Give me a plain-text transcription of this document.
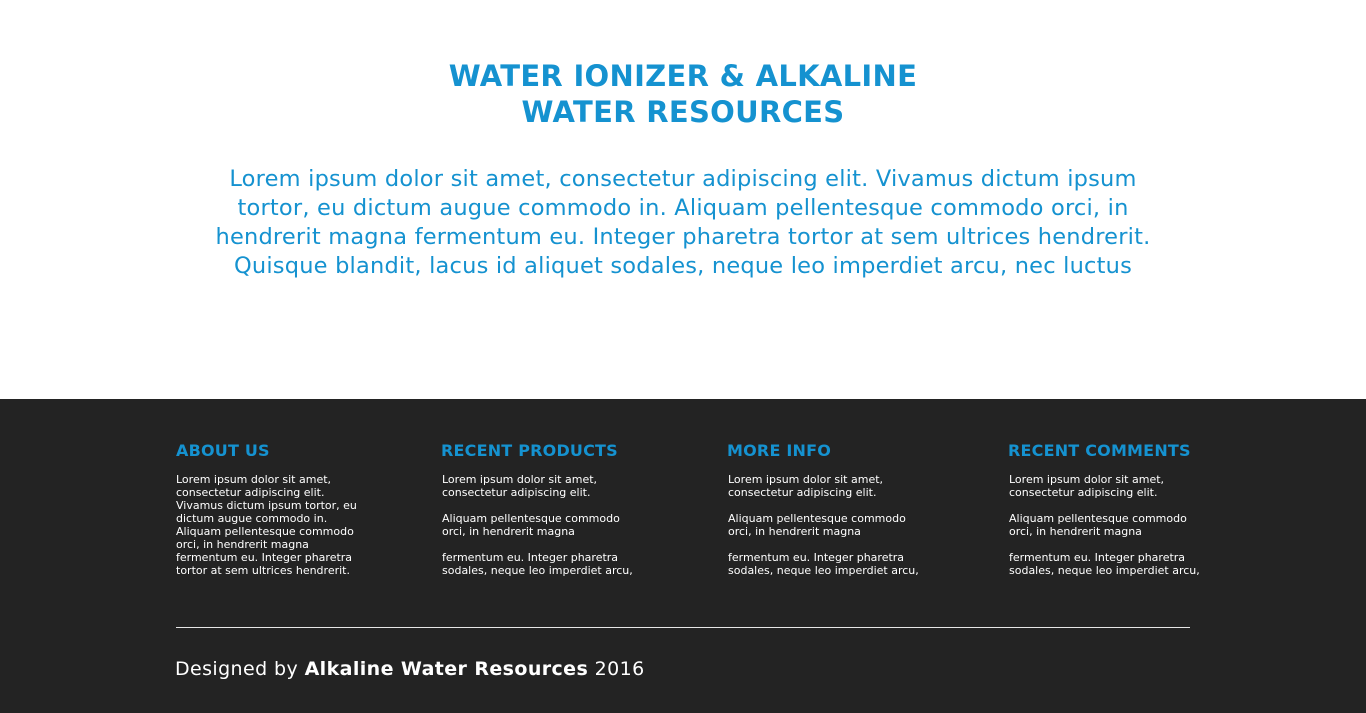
WATER IONIZER & ALKALINE
WATER RESOURCES

Lorem ipsum dolor sit amet, consectetur adipiscing elit. Vivamus dictum ipsum
tortor, eu dictum augue commodo in. Aliquam pellentesque commodo orci, in
hendrerit magna fermentum eu. Integer pharetra tortor at sem ultrices hendrerit.
Quisque blandit, lacus id aliquet sodales, neque leo imperdiet arcu, nec luctus

ABOUT US

Lorem ipsum dolor sit amet,
consectetur adipiscing elit.
Vivamus dictum ipsum tortor, eu
dictum augue commodo in.
Aliquam pellentesque commodo
orci, in hendrerit magna
fermentum eu. Integer pharetra
tortor at sem ultrices hendrerit.

RECENT PRODUCTS

Lorem ipsum dolor sit amet,
consectetur adipiscing elit.

Aliquam pellentesque commodo
orci, in hendrerit magna

fermentum eu. Integer pharetra
sodales, neque leo imperdiet arcu,

MORE INFO

Lorem ipsum dolor sit amet,
consectetur adipiscing elit.

Aliquam pellentesque commodo
orci, in hendrerit magna

fermentum eu. Integer pharetra
sodales, neque leo imperdiet arcu,

RECENT COMMENTS

Lorem ipsum dolor sit amet,
consectetur adipiscing elit.

Aliquam pellentesque commodo
orci, in hendrerit magna

fermentum eu. Integer pharetra
sodales, neque leo imperdiet arcu,

Designed by Alkaline Water Resources 2016
